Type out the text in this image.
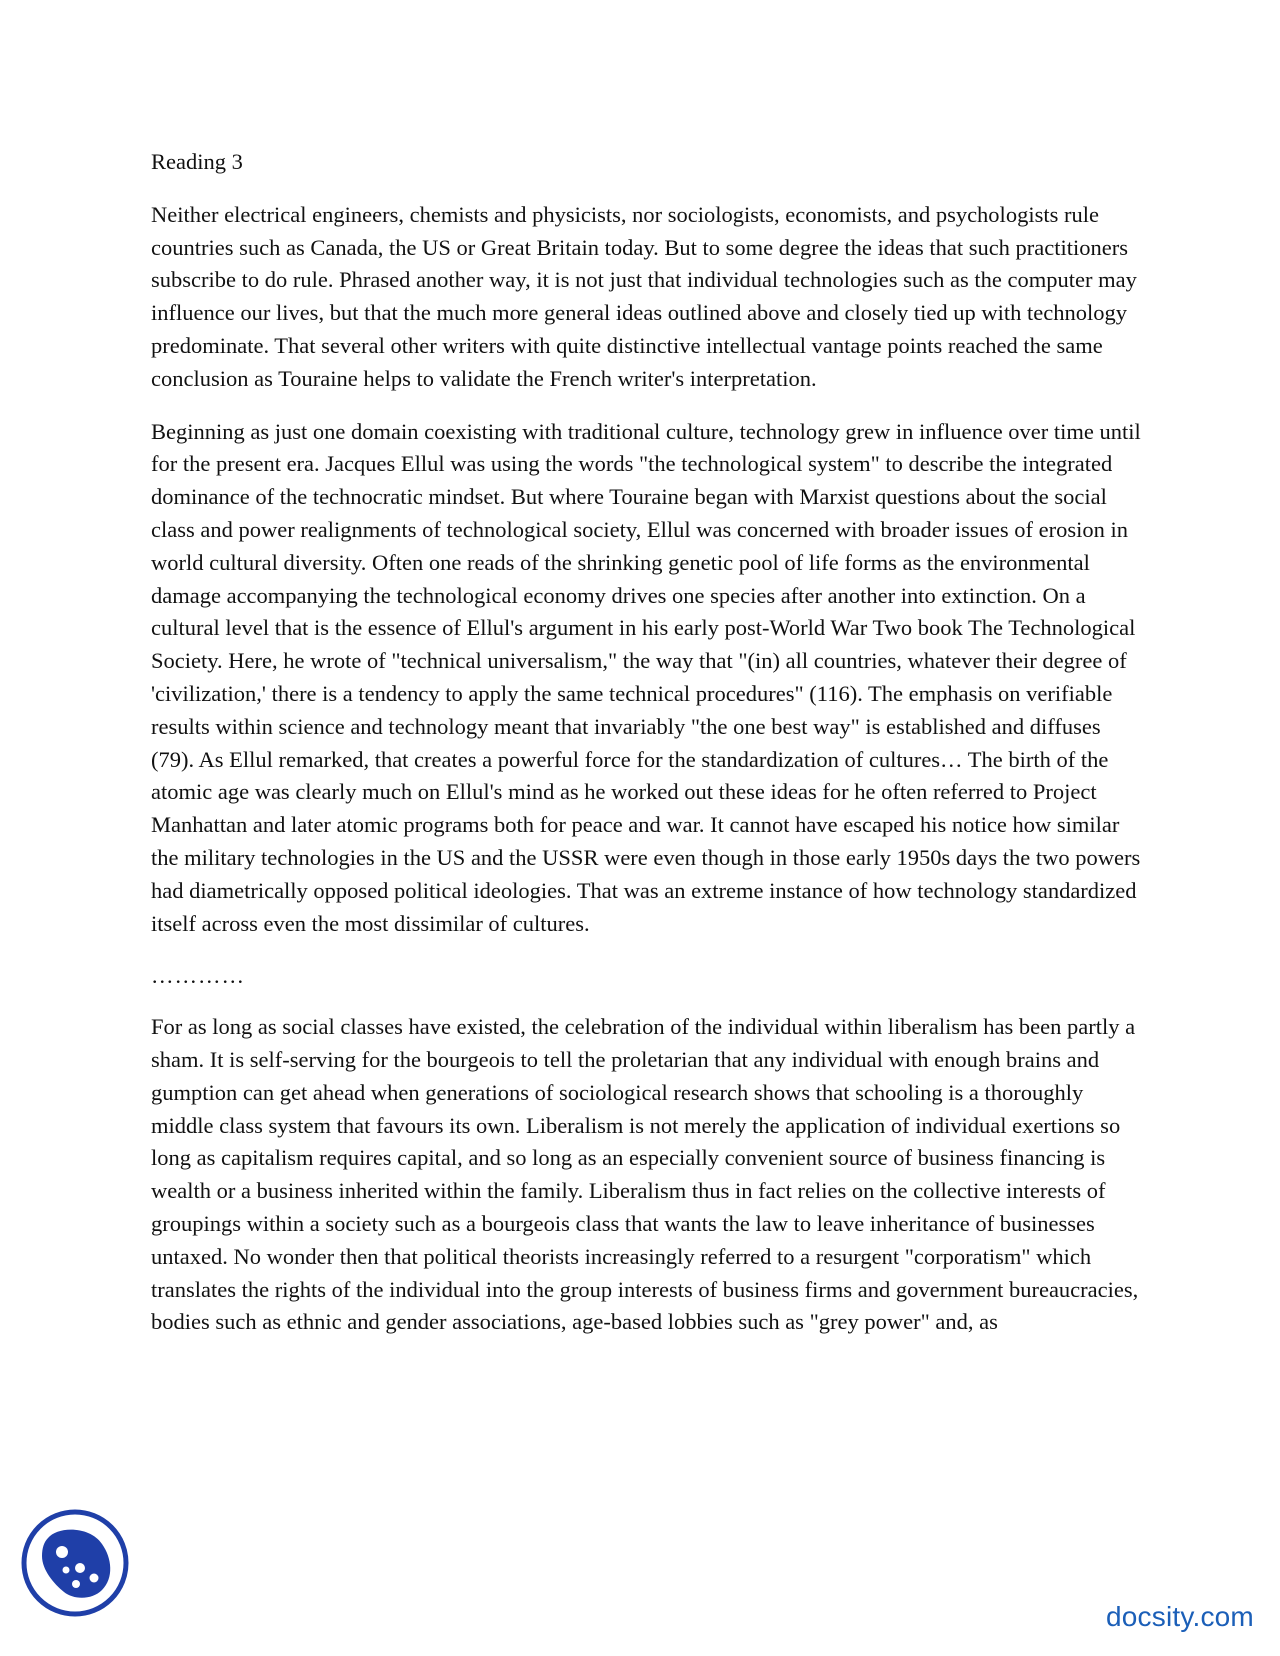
Reading 3

Neither electrical engineers, chemists and physicists, nor sociologists, economists, and psychologists rule countries such as Canada, the US or Great Britain today. But to some degree the ideas that such practitioners subscribe to do rule. Phrased another way, it is not just that individual technologies such as the computer may influence our lives, but that the much more general ideas outlined above and closely tied up with technology predominate. That several other writers with quite distinctive intellectual vantage points reached the same conclusion as Touraine helps to validate the French writer's interpretation.

Beginning as just one domain coexisting with traditional culture, technology grew in influence over time until for the present era. Jacques Ellul was using the words "the technological system" to describe the integrated dominance of the technocratic mindset. But where Touraine began with Marxist questions about the social class and power realignments of technological society, Ellul was concerned with broader issues of erosion in world cultural diversity. Often one reads of the shrinking genetic pool of life forms as the environmental damage accompanying the technological economy drives one species after another into extinction. On a cultural level that is the essence of Ellul's argument in his early post-World War Two book The Technological Society. Here, he wrote of "technical universalism," the way that "(in) all countries, whatever their degree of 'civilization,' there is a tendency to apply the same technical procedures" (116). The emphasis on verifiable results within science and technology meant that invariably "the one best way" is established and diffuses (79). As Ellul remarked, that creates a powerful force for the standardization of cultures… The birth of the atomic age was clearly much on Ellul's mind as he worked out these ideas for he often referred to Project Manhattan and later atomic programs both for peace and war. It cannot have escaped his notice how similar the military technologies in the US and the USSR were even though in those early 1950s days the two powers had diametrically opposed political ideologies. That was an extreme instance of how technology standardized itself across even the most dissimilar of cultures.

…………

For as long as social classes have existed, the celebration of the individual within liberalism has been partly a sham. It is self-serving for the bourgeois to tell the proletarian that any individual with enough brains and gumption can get ahead when generations of sociological research shows that schooling is a thoroughly middle class system that favours its own. Liberalism is not merely the application of individual exertions so long as capitalism requires capital, and so long as an especially convenient source of business financing is wealth or a business inherited within the family. Liberalism thus in fact relies on the collective interests of groupings within a society such as a bourgeois class that wants the law to leave inheritance of businesses untaxed. No wonder then that political theorists increasingly referred to a resurgent "corporatism" which translates the rights of the individual into the group interests of business firms and government bureaucracies, bodies such as ethnic and gender associations, age-based lobbies such as "grey power" and, as

docsity.com
